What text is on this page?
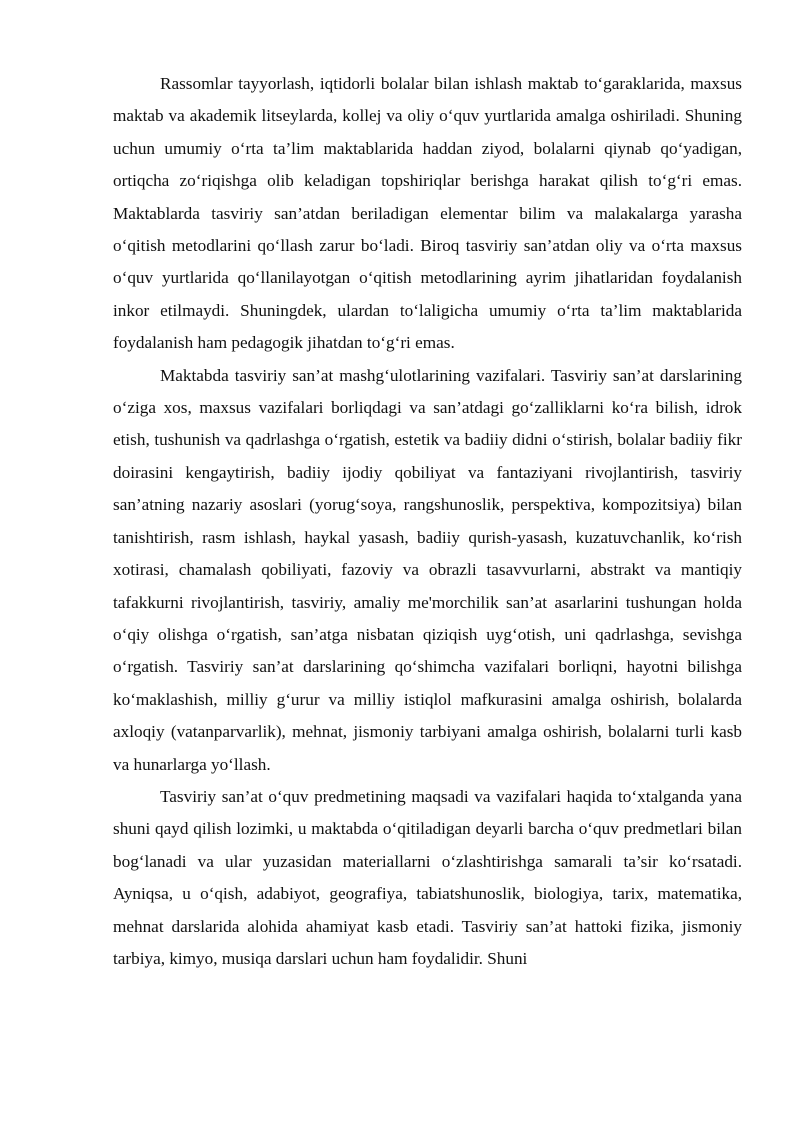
Rassomlar tayyorlash, iqtidorli bolalar bilan ishlash maktab to‘garaklarida, maxsus maktab va akademik litseylarda, kollej va oliy o‘quv yurtlarida amalga oshiriladi. Shuning uchun umumiy o‘rta ta’lim maktablarida haddan ziyod, bolalarni qiynab qo‘yadigan, ortiqcha zo‘riqishga olib keladigan topshiriqlar berishga harakat qilish to‘g‘ri emas. Maktablarda tasviriy san’atdan beriladigan elementar bilim va malakalarga yarasha o‘qitish metodlarini qo‘llash zarur bo‘ladi. Biroq tasviriy san’atdan oliy va o‘rta maxsus o‘quv yurtlarida qo‘llanilayotgan o‘qitish metodlarining ayrim jihatlaridan foydalanish inkor etilmaydi. Shuningdek, ulardan to‘laligicha umumiy o‘rta ta’lim maktablarida foydalanish ham pedagogik jihatdan to‘g‘ri emas.

Maktabda tasviriy san’at mashg‘ulotlarining vazifalari. Tasviriy san’at darslarining o‘ziga xos, maxsus vazifalari borliqdagi va san’atdagi go‘zalliklarni ko‘ra bilish, idrok etish, tushunish va qadrlashga o‘rgatish, estetik va badiiy didni o‘stirish, bolalar badiiy fikr doirasini kengaytirish, badiiy ijodiy qobiliyat va fantaziyani rivojlantirish, tasviriy san’atning nazariy asoslari (yorug‘soya, rangshunoslik, perspektiva, kompozitsiya) bilan tanishtirish, rasm ishlash, haykal yasash, badiiy qurish-yasash, kuzatuvchanlik, ko‘rish xotirasi, chamalash qobiliyati, fazoviy va obrazli tasavvurlarni, abstrakt va mantiqiy tafakkurni rivojlantirish, tasviriy, amaliy me'morchilik san’at asarlarini tushungan holda o‘qiy olishga o‘rgatish, san’atga nisbatan qiziqish uyg‘otish, uni qadrlashga, sevishga o‘rgatish. Tasviriy san’at darslarining qo‘shimcha vazifalari borliqni, hayotni bilishga ko‘maklashish, milliy g‘urur va milliy istiqlol mafkurasini amalga oshirish, bolalarda axloqiy (vatanparvarlik), mehnat, jismoniy tarbiyani amalga oshirish, bolalarni turli kasb va hunarlarga yo‘llash.

Tasviriy san’at o‘quv predmetining maqsadi va vazifalari haqida to‘xtalganda yana shuni qayd qilish lozimki, u maktabda o‘qitiladigan deyarli barcha o‘quv predmetlari bilan bog‘lanadi va ular yuzasidan materiallarni o‘zlashtirishga samarali ta’sir ko‘rsatadi. Ayniqsa, u o‘qish, adabiyot, geografiya, tabiatshunoslik, biologiya, tarix, matematika, mehnat darslarida alohida ahamiyat kasb etadi. Tasviriy san’at hattoki fizika, jismoniy tarbiya, kimyo, musiqa darslari uchun ham foydalidir. Shuni
